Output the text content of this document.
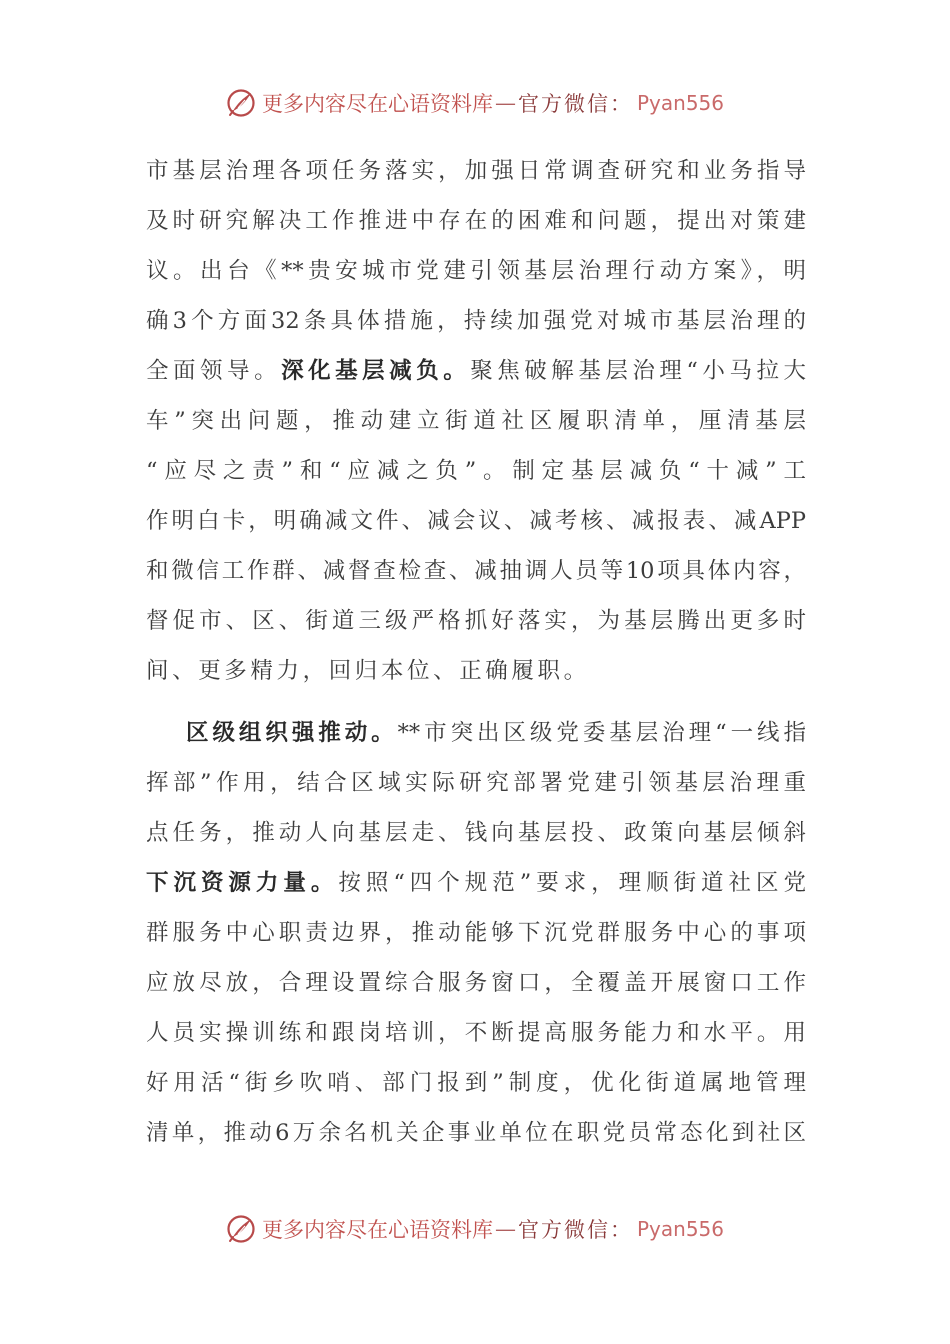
更多内容尽在心语资料库 — 官方微信： Pyan556
市基层治理各项任务落实，加强日常调查研究和业务指导
及时研究解决工作推进中存在的困难和问题，提出对策建
议。出台《**贵安城市党建引领基层治理行动方案》，明
确3个方面32条具体措施，持续加强党对城市基层治理的
全面领导。深化基层减负。聚焦破解基层治理“小马拉大
车”突出问题，推动建立街道社区履职清单，厘清基层
“应尽之责”和“应减之负”。制定基层减负“十减”工
作明白卡，明确减文件、减会议、减考核、减报表、减APP
和微信工作群、减督查检查、减抽调人员等10项具体内容，
督促市、区、街道三级严格抓好落实，为基层腾出更多时
间、更多精力，回归本位、正确履职。
区级组织强推动。**市突出区级党委基层治理“一线指
挥部”作用，结合区域实际研究部署党建引领基层治理重
点任务，推动人向基层走、钱向基层投、政策向基层倾斜
下沉资源力量。按照“四个规范”要求，理顺街道社区党
群服务中心职责边界，推动能够下沉党群服务中心的事项
应放尽放，合理设置综合服务窗口，全覆盖开展窗口工作
人员实操训练和跟岗培训，不断提高服务能力和水平。用
好用活“街乡吹哨、部门报到”制度，优化街道属地管理
清单，推动6万余名机关企事业单位在职党员常态化到社区
更多内容尽在心语资料库 — 官方微信： Pyan556
